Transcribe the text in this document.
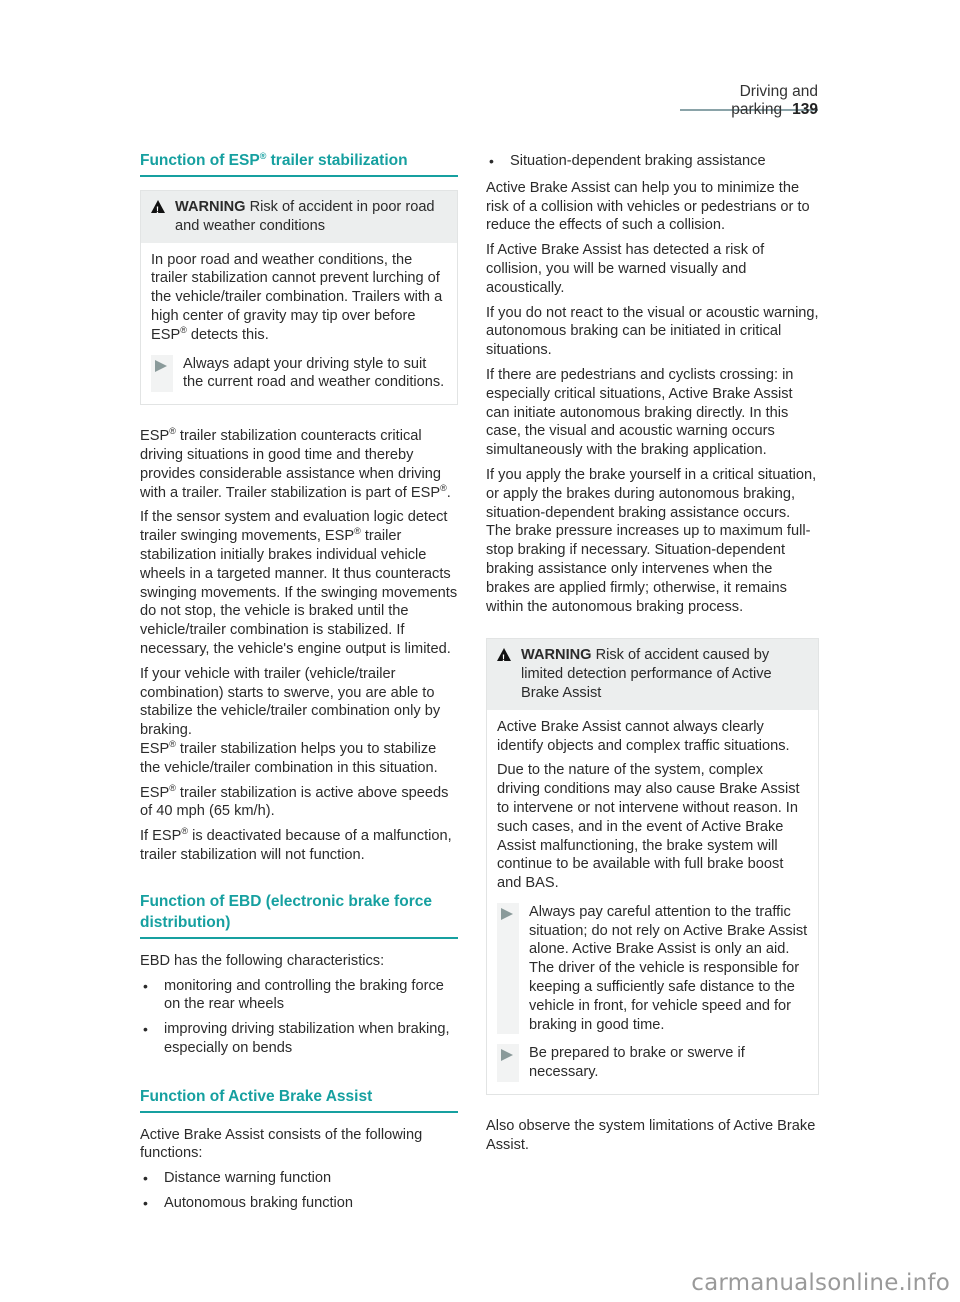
Driving and parking 139
Function of ESP® trailer stabilization
!
WARNING Risk of accident in poor road and weather conditions

In poor road and weather conditions, the trailer stabilization cannot prevent lurching of the vehicle/trailer combination. Trailers with a high center of gravity may tip over before ESP® detects this.

Always adapt your driving style to suit the current road and weather conditions.

ESP® trailer stabilization counteracts critical driving situations in good time and thereby provides considerable assistance when driving with a trailer. Trailer stabilization is part of ESP®.

If the sensor system and evaluation logic detect trailer swinging movements, ESP® trailer stabilization initially brakes individual vehicle wheels in a targeted manner. It thus counteracts swinging movements. If the swinging movements do not stop, the vehicle is braked until the vehicle/trailer combination is stabilized. If necessary, the vehicle's engine output is limited.

If your vehicle with trailer (vehicle/trailer combination) starts to swerve, you are able to stabilize the vehicle/trailer combination only by braking.

ESP® trailer stabilization helps you to stabilize the vehicle/trailer combination in this situation.

ESP® trailer stabilization is active above speeds of 40 mph (65 km/h).

If ESP® is deactivated because of a malfunction, trailer stabilization will not function.

Function of EBD (electronic brake force distribution)

EBD has the following characteristics:

• monitoring and controlling the braking force on the rear wheels
• improving driving stabilization when braking, especially on bends
Function of Active Brake Assist

Active Brake Assist consists of the following functions:

• Distance warning function
• Autonomous braking function
• Situation-dependent braking assistance

Active Brake Assist can help you to minimize the risk of a collision with vehicles or pedestrians or to reduce the effects of such a collision.

If Active Brake Assist has detected a risk of collision, you will be warned visually and acoustically.

If you do not react to the visual or acoustic warning, autonomous braking can be initiated in critical situations.

If there are pedestrians and cyclists crossing: in especially critical situations, Active Brake Assist can initiate autonomous braking directly. In this case, the visual and acoustic warning occurs simultaneously with the braking application.

If you apply the brake yourself in a critical situation, or apply the brakes during autonomous braking, situation-dependent braking assistance occurs. The brake pressure increases up to maximum full-stop braking if necessary. Situation-dependent braking assistance only intervenes when the brakes are applied firmly; otherwise, it remains within the autonomous braking process.

!
WARNING Risk of accident caused by limited detection performance of Active Brake Assist

Active Brake Assist cannot always clearly identify objects and complex traffic situations.

Due to the nature of the system, complex driving conditions may also cause Brake Assist to intervene or not intervene without reason. In such cases, and in the event of Active Brake Assist malfunctioning, the brake system will continue to be available with full brake boost and BAS.

Always pay careful attention to the traffic situation; do not rely on Active Brake Assist alone. Active Brake Assist is only an aid. The driver of the vehicle is responsible for keeping a sufficiently safe distance to the vehicle in front, for vehicle speed and for braking in good time.
Be prepared to brake or swerve if necessary.

Also observe the system limitations of Active Brake Assist.

carmanualsonline.info
